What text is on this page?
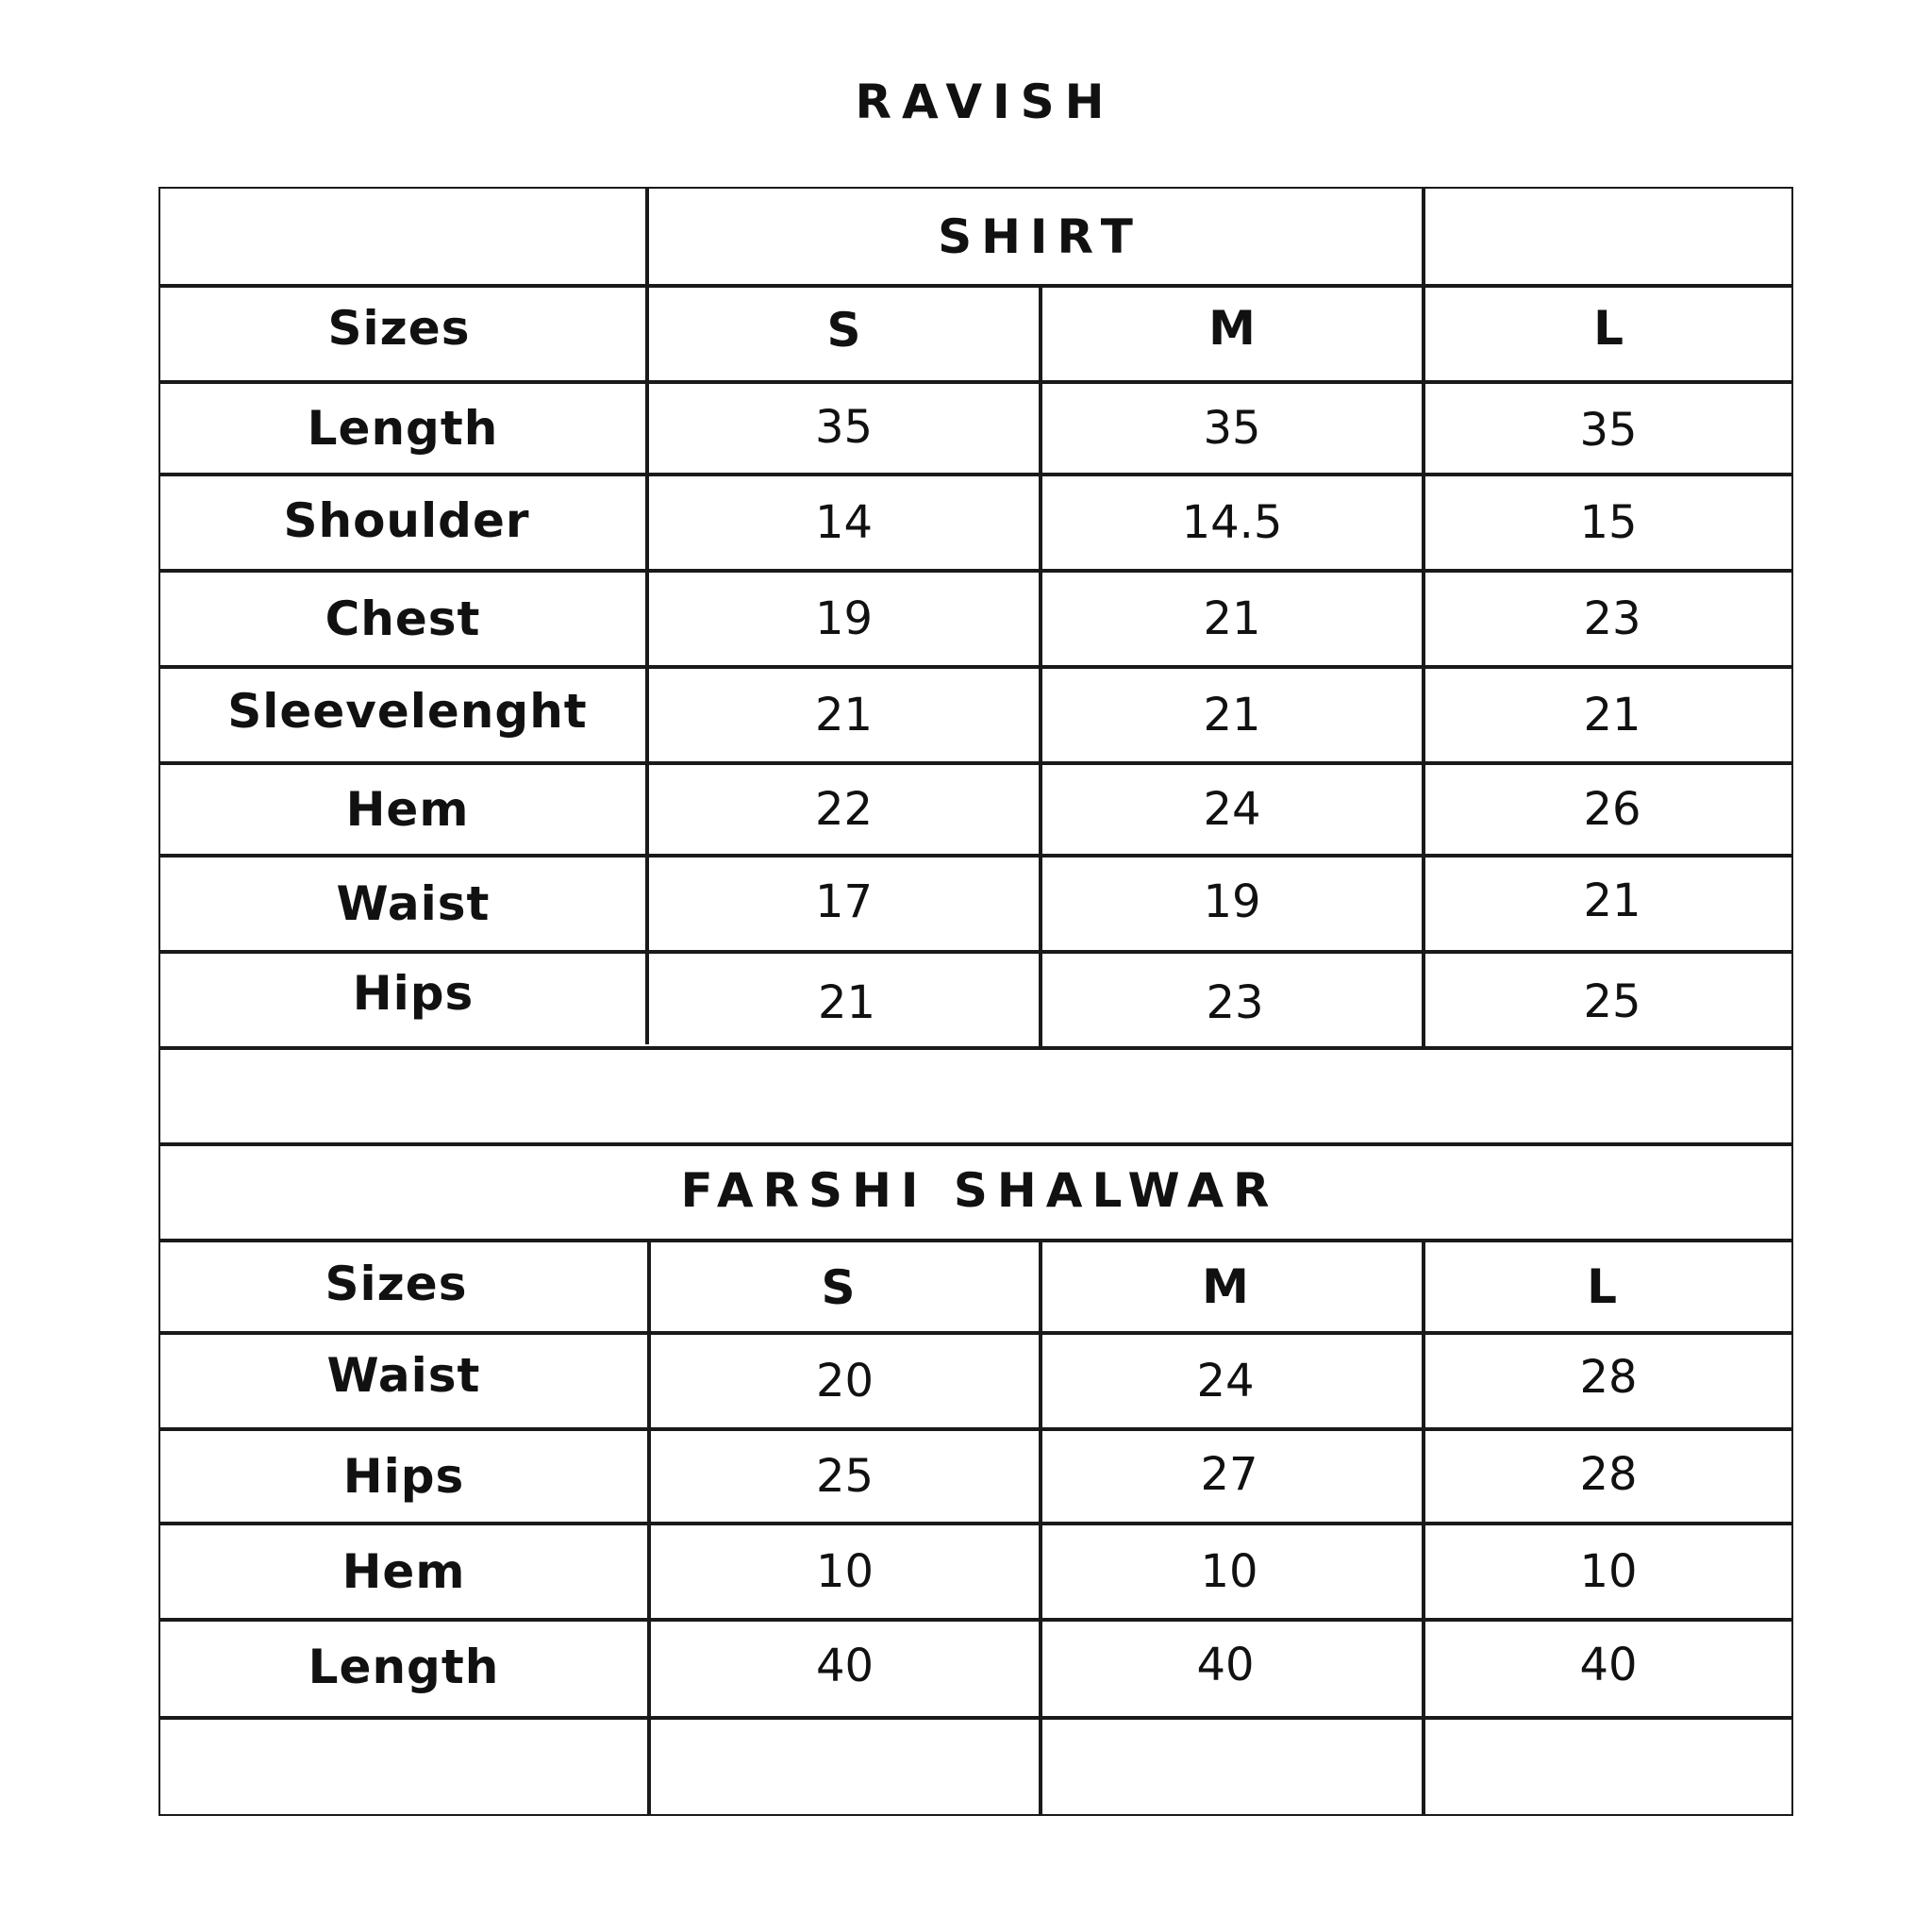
RAVISH
SHIRT
Sizes	S	M	L
Length	35	35	35
Shoulder	14	14.5	15
Chest	19	21	23
Sleevelenght	21	21	21
Hem	22	24	26
Waist	17	19	21
Hips	21	23	25
FARSHI SHALWAR
Sizes	S	M	L
Waist	20	24	28
Hips	25	27	28
Hem	10	10	10
Length	40	40	40
